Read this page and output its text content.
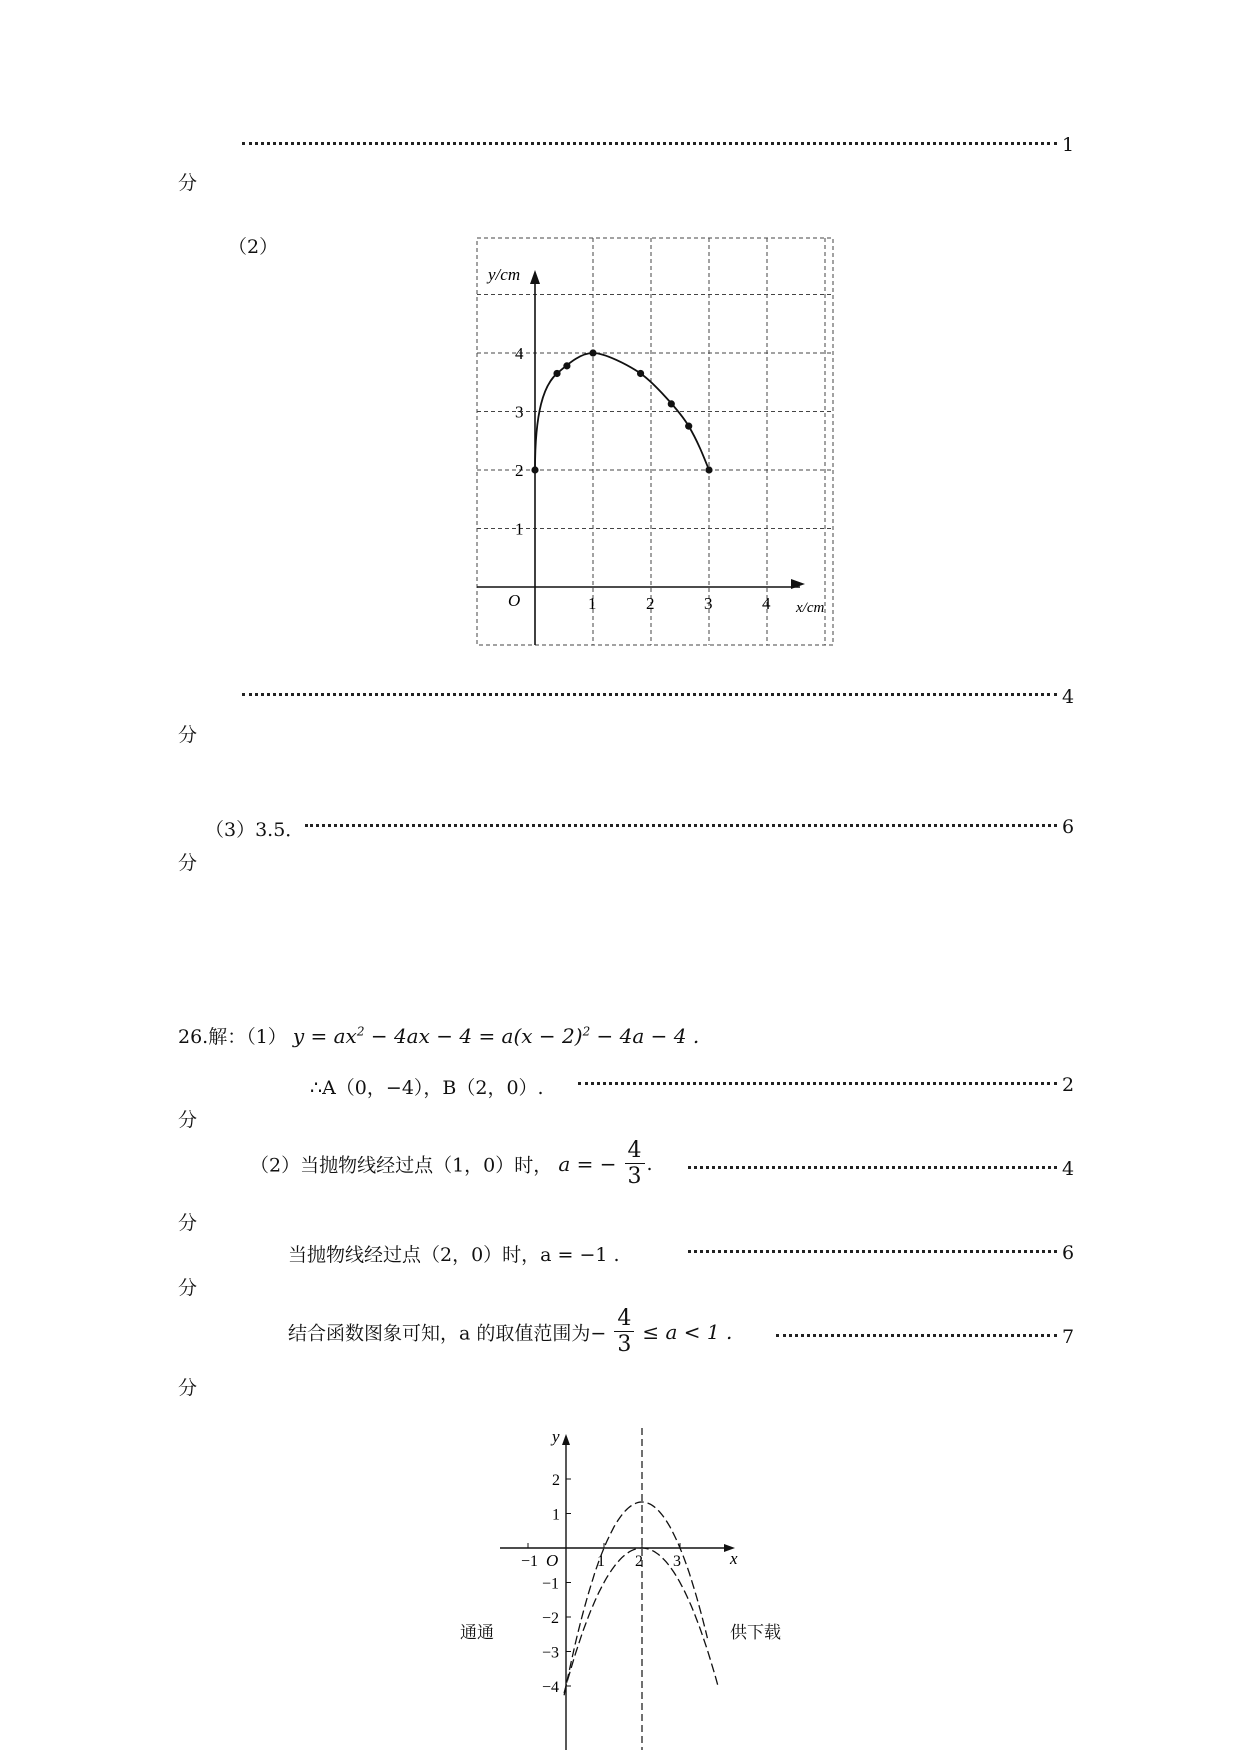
1
分
（2）
y/cm
x/cm
O	1	2	3	4
1
2
3
4
4
分
（3）3.5．	6
分
26.解：（1） $y = ax^2 - 4ax - 4 = a(x - 2)^2 - 4a - 4$ .
∴A（0，−4），B（2，0）.	2
分
（2）当抛物线经过点（1，0）时， a = − $\frac{4}{3}$ .	4
分
当抛物线经过点（2，0）时，a = −1 .	6
分
结合函数图象可知，a 的取值范围为− $\frac{4}{3} \le a < 1$ .	7
分
−1	1 2 3
2
1
−1
−2
−3
−4
x
y
O
通通	供下载
